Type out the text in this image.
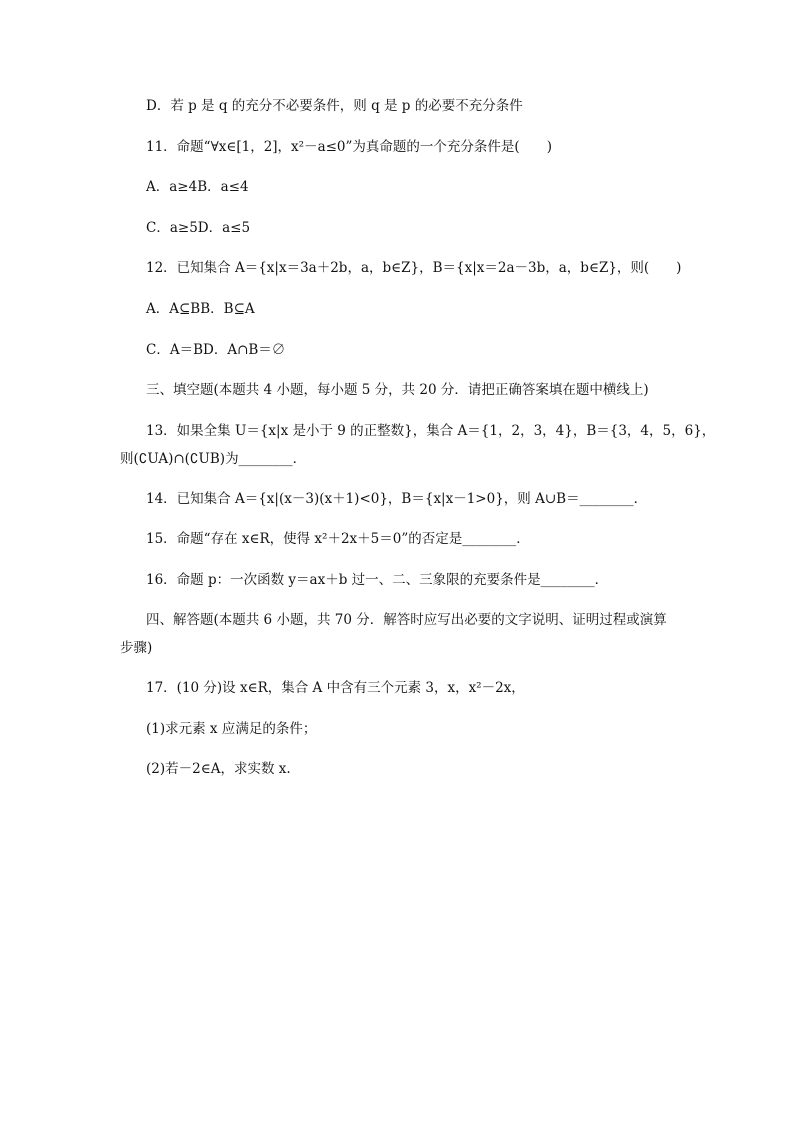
D．若 p 是 q 的充分不必要条件，则 q 是 p 的必要不充分条件
11．命题“∀x∈[1，2]，x²－a≤0”为真命题的一个充分条件是(　　)
A．a≥4B．a≤4
C．a≥5D．a≤5
12．已知集合 A＝{x|x＝3a＋2b，a，b∈Z}，B＝{x|x＝2a－3b，a，b∈Z}，则(　　)
A．A⊆BB．B⊆A
C．A＝BD．A∩B＝∅
三、填空题(本题共 4 小题，每小题 5 分，共 20 分．请把正确答案填在题中横线上)
13．如果全集 U＝{x|x 是小于 9 的正整数}，集合 A＝{1，2，3，4}，B＝{3，4，5，6}，
则(∁UA)∩(∁UB)为________．
14．已知集合 A＝{x|(x－3)(x＋1)<0}，B＝{x|x－1>0}，则 A∪B＝________．
15．命题“存在 x∈R，使得 x²＋2x＋5＝0”的否定是________．
16．命题 p：一次函数 y＝ax＋b 过一、二、三象限的充要条件是________．
四、解答题(本题共 6 小题，共 70 分．解答时应写出必要的文字说明、证明过程或演算
步骤)
17．(10 分)设 x∈R，集合 A 中含有三个元素 3，x，x²－2x，
(1)求元素 x 应满足的条件；
(2)若－2∈A，求实数 x.
